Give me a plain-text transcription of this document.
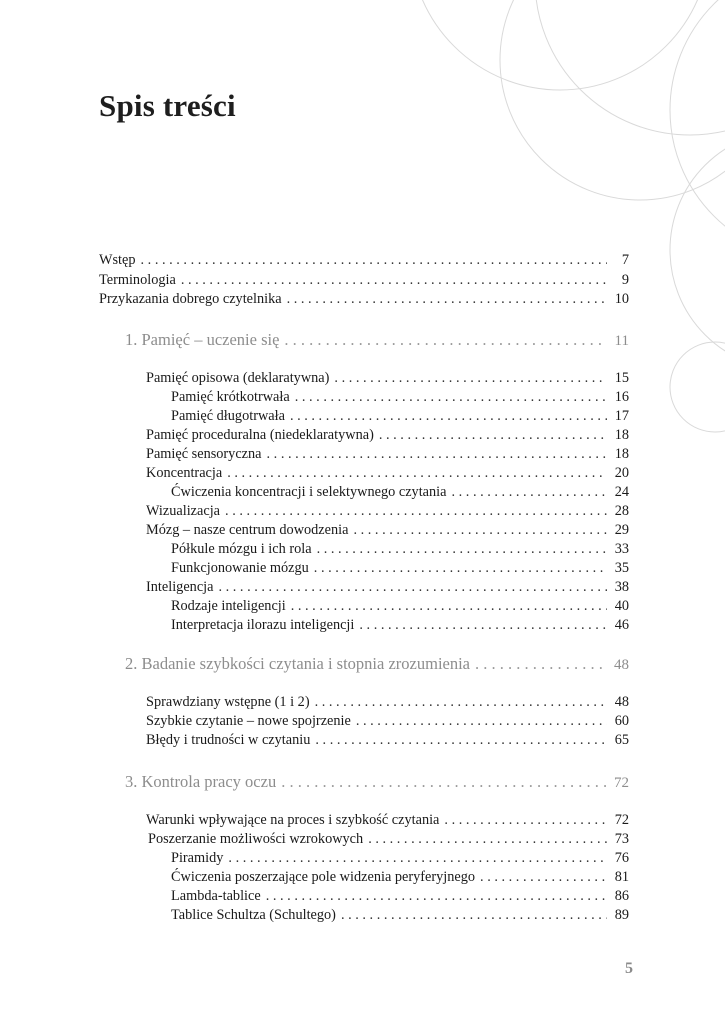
Spis treści
Wstęp . . .	7
Terminologia . . .	9
Przykazania dobrego czytelnika . . .	10
1. Pamięć – uczenie się . . .	11
Pamięć opisowa (deklaratywna) . . .	15
Pamięć krótkotrwała . . .	16
Pamięć długotrwała . . .	17
Pamięć proceduralna (niedeklaratywna) . . .	18
Pamięć sensoryczna . . .	18
Koncentracja . . .	20
Ćwiczenia koncentracji i selektywnego czytania . . .	24
Wizualizacja . . .	28
Mózg – nasze centrum dowodzenia . . .	29
Półkule mózgu i ich rola . . .	33
Funkcjonowanie mózgu . . .	35
Inteligencja . . .	38
Rodzaje inteligencji . . .	40
Interpretacja ilorazu inteligencji . . .	46
2. Badanie szybkości czytania i stopnia zrozumienia . . .	48
Sprawdziany wstępne (1 i 2) . . .	48
Szybkie czytanie – nowe spojrzenie . . .	60
Błędy i trudności w czytaniu . . .	65
3. Kontrola pracy oczu . . .	72
Warunki wpływające na proces i szybkość czytania . . .	72
Poszerzanie możliwości wzrokowych . . .	73
Piramidy . . .	76
Ćwiczenia poszerzające pole widzenia peryferyjnego . . .	81
Lambda-tablice . . .	86
Tablice Schultza (Schultego) . . .	89
5
